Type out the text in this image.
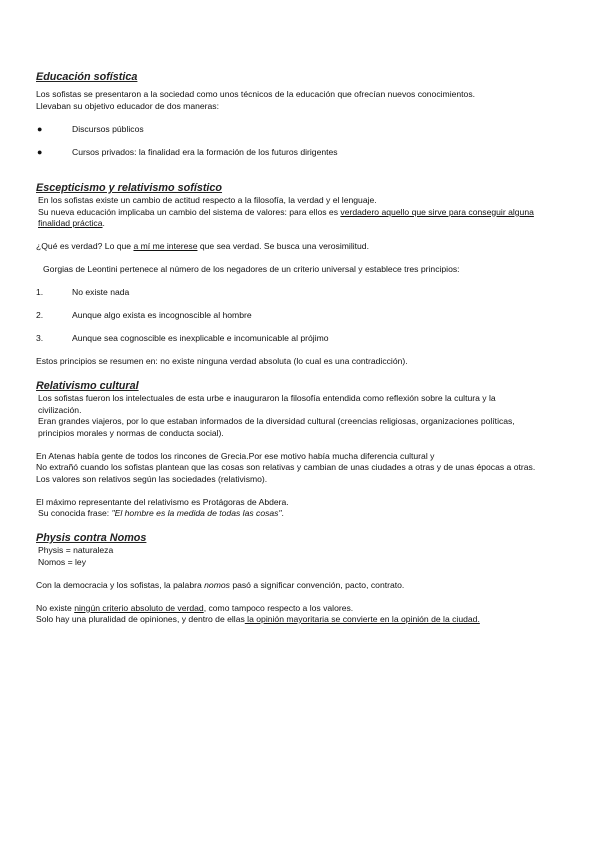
Educación sofística

Los sofistas se presentaron a la sociedad como unos técnicos de la educación que ofrecían nuevos conocimientos.

Llevaban su objetivo educador de dos maneras:

●	Discursos públicos

●	Cursos privados: la finalidad era la formación de los futuros dirigentes

Escepticismo y relativismo sofístico

En los sofistas existe un cambio de actitud respecto a la filosofía, la verdad y el lenguaje.

Su nueva educación implicaba un cambio del sistema de valores: para ellos es verdadero aquello que sirve para conseguir alguna finalidad práctica.

¿Qué es verdad? Lo que a mí me interese que sea verdad. Se busca una verosimilitud.

Gorgias de Leontini pertenece al número de los negadores de un criterio universal y establece tres principios:

1.	No existe nada

2.	Aunque algo exista es incognoscible al hombre

3.	Aunque sea cognoscible es inexplicable e incomunicable al prójimo

Estos principios se resumen en: no existe ninguna verdad absoluta (lo cual es una contradicción).

Relativismo cultural

Los sofistas fueron los intelectuales de esta urbe e inauguraron la filosofía entendida como reflexión sobre la cultura y la civilización.

Eran grandes viajeros, por lo que estaban informados de la diversidad cultural (creencias religiosas, organizaciones políticas, principios morales y normas de conducta social).

En Atenas había gente de todos los rincones de Grecia.Por ese motivo había mucha diferencia cultural y

No extrañó cuando los sofistas plantean que las cosas son relativas y cambian de unas ciudades a otras y de unas épocas a otras. Los valores son relativos según las sociedades (relativismo).

El máximo representante del relativismo es Protágoras de Abdera.

Su conocida frase: "El hombre es la medida de todas las cosas".

Physis contra Nomos

Physis = naturaleza

Nomos = ley

Con la democracia y los sofistas, la palabra nomos pasó a significar convención, pacto, contrato.

No existe ningún criterio absoluto de verdad, como tampoco respecto a los valores.

Solo hay una pluralidad de opiniones, y dentro de ellas la opinión mayoritaria se convierte en la opinión de la ciudad.
